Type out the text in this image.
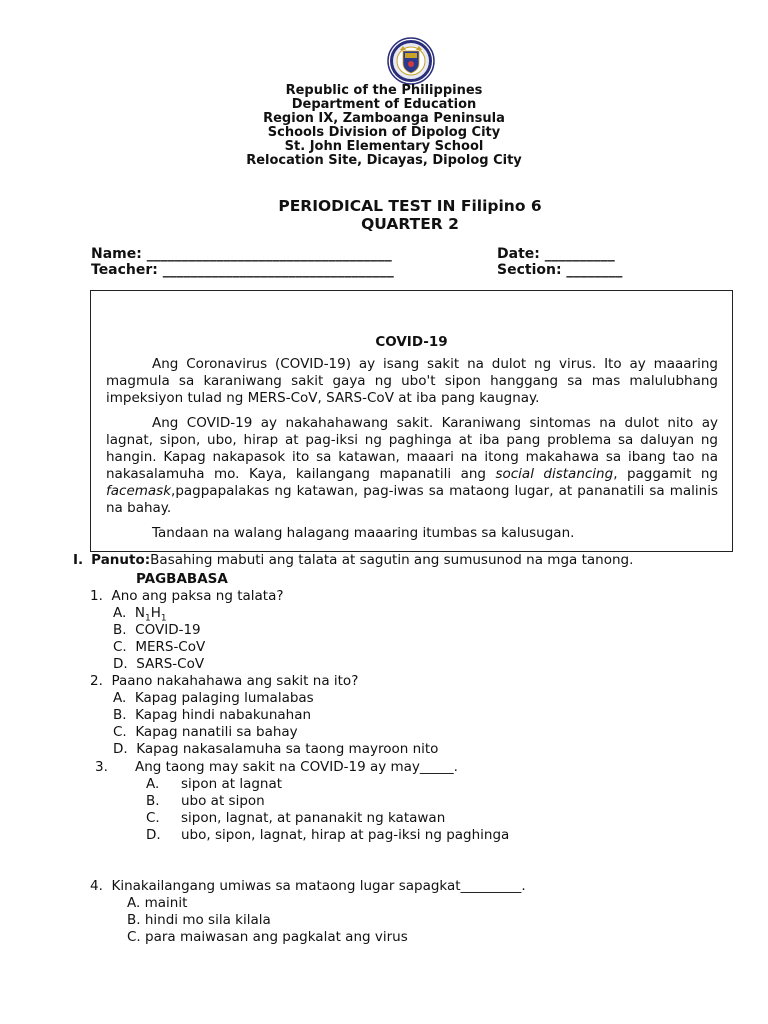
Republic of the Philippines
Department of Education
Region IX, Zamboanga Peninsula
Schools Division of Dipolog City
St. John Elementary School
Relocation Site, Dicayas, Dipolog City
PERIODICAL TEST IN Filipino 6
QUARTER 2
Name: ___________________________________	Date: __________
Teacher: _________________________________	Section: ________
COVID-19
Ang Coronavirus (COVID-19) ay isang sakit na dulot ng virus. Ito ay maaaring magmula sa karaniwang sakit gaya ng ubo't sipon hanggang sa mas malulubhang impeksiyon tulad ng MERS-CoV, SARS-CoV at iba pang kaugnay.
Ang COVID-19 ay nakahahawang sakit. Karaniwang sintomas na dulot nito ay lagnat, sipon, ubo, hirap at pag-iksi ng paghinga at iba pang problema sa daluyan ng hangin. Kapag nakapasok ito sa katawan, maaari na itong makahawa sa ibang tao na nakasalamuha mo. Kaya, kailangang mapanatili ang social distancing, paggamit ng facemask,pagpapalakas ng katawan, pag-iwas sa mataong lugar, at pananatili sa malinis na bahay.
Tandaan na walang halagang maaaring itumbas sa kalusugan.
I. Panuto:Basahing mabuti ang talata at sagutin ang sumusunod na mga tanong.
PAGBABASA
1. Ano ang paksa ng talata?
A. $N_1H_1$
B. COVID-19
C. MERS-CoV
D. SARS-CoV
2. Paano nakahahawa ang sakit na ito?
A. Kapag palaging lumalabas
B. Kapag hindi nabakunahan
C. Kapag nanatili sa bahay
D. Kapag nakasalamuha sa taong mayroon nito
3. Ang taong may sakit na COVID-19 ay may_____.
A. sipon at lagnat
B. ubo at sipon
C. sipon, lagnat, at pananakit ng katawan
D. ubo, sipon, lagnat, hirap at pag-iksi ng paghinga
4. Kinakailangang umiwas sa mataong lugar sapagkat_________.
A. mainit
B. hindi mo sila kilala
C. para maiwasan ang pagkalat ang virus
